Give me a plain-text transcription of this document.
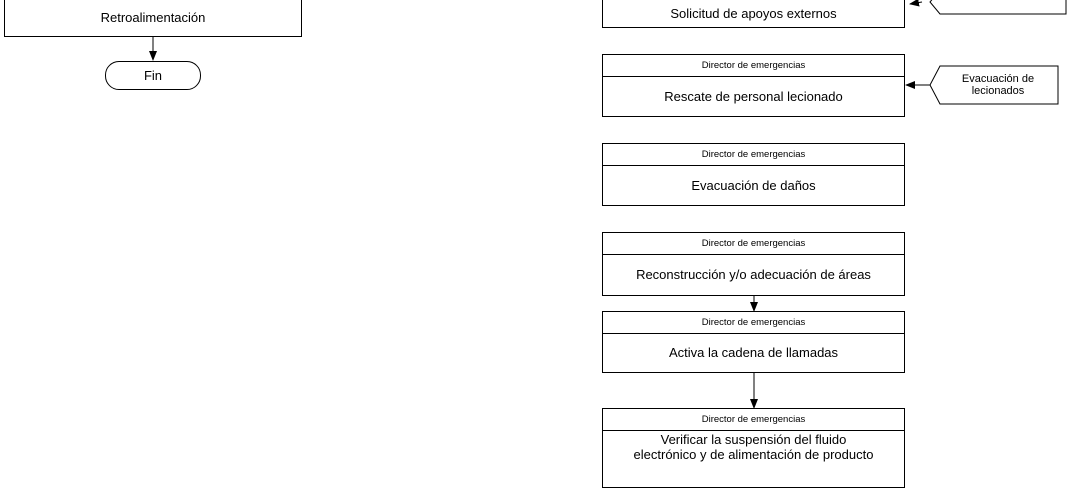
Retroalimentación
Fin
Solicitud de apoyos externos
Director de emergencias
Rescate de personal lecionado
Director de emergencias
Evacuación de daños
Director de emergencias
Reconstrucción y/o adecuación de áreas
Director de emergencias
Activa la cadena de llamadas
Director de emergencias
Verificar la suspensión del fluido electrónico y de alimentación de producto
Evacuación de lecionados
